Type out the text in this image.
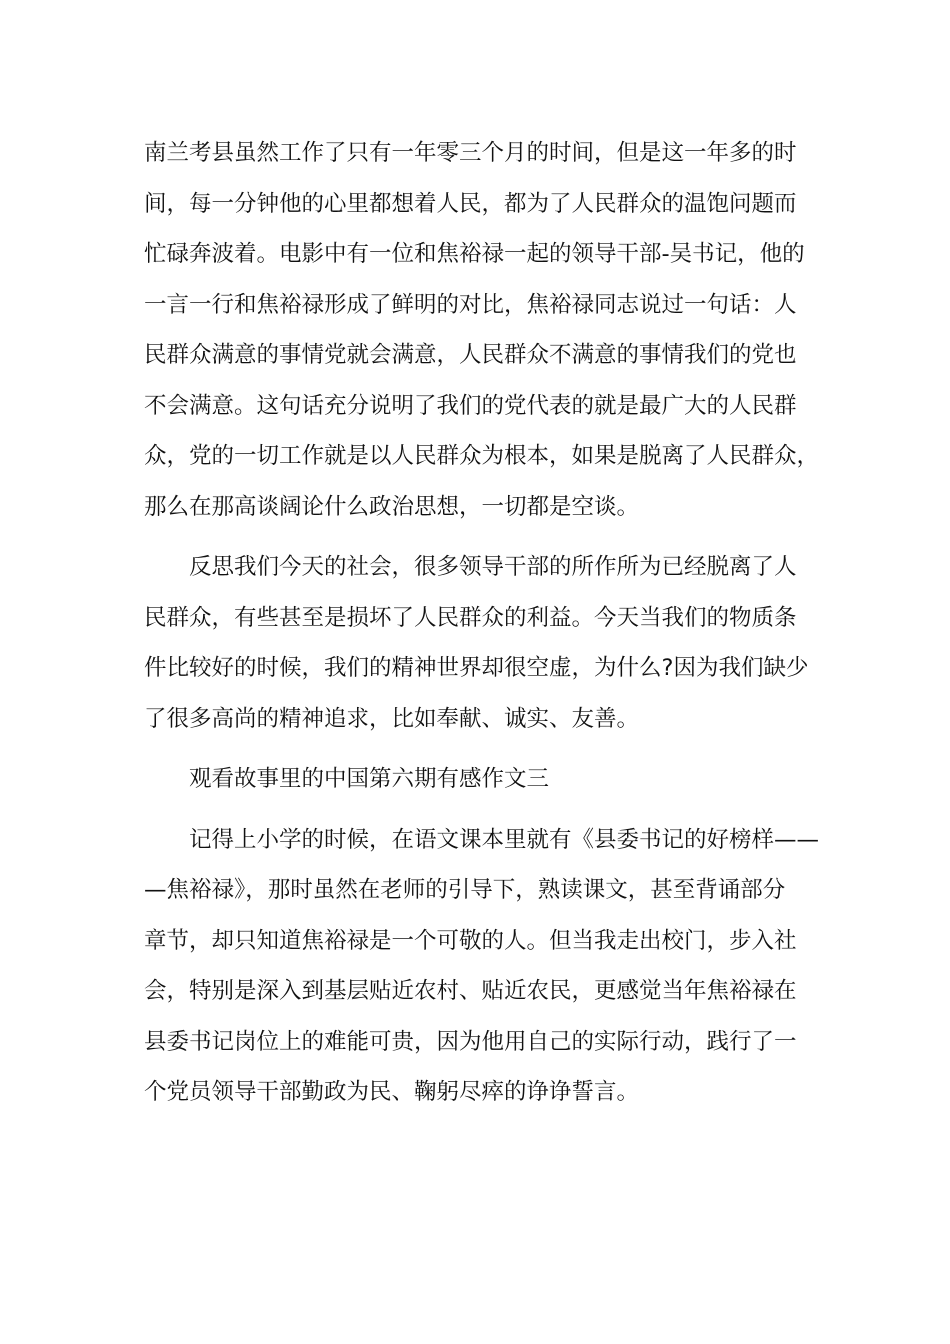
南兰考县虽然工作了只有一年零三个月的时间，但是这一年多的时
间，每一分钟他的心里都想着人民，都为了人民群众的温饱问题而
忙碌奔波着。电影中有一位和焦裕禄一起的领导干部-吴书记，他的
一言一行和焦裕禄形成了鲜明的对比，焦裕禄同志说过一句话：人
民群众满意的事情党就会满意，人民群众不满意的事情我们的党也
不会满意。这句话充分说明了我们的党代表的就是最广大的人民群
众，党的一切工作就是以人民群众为根本，如果是脱离了人民群众，
那么在那高谈阔论什么政治思想，一切都是空谈。

　　反思我们今天的社会，很多领导干部的所作所为已经脱离了人
民群众，有些甚至是损坏了人民群众的利益。今天当我们的物质条
件比较好的时候，我们的精神世界却很空虚，为什么?因为我们缺少
了很多高尚的精神追求，比如奉献、诚实、友善。

　　观看故事里的中国第六期有感作文三

　　记得上小学的时候，在语文课本里就有《县委书记的好榜样——
—焦裕禄》，那时虽然在老师的引导下，熟读课文，甚至背诵部分
章节，却只知道焦裕禄是一个可敬的人。但当我走出校门，步入社
会，特别是深入到基层贴近农村、贴近农民，更感觉当年焦裕禄在
县委书记岗位上的难能可贵，因为他用自己的实际行动，践行了一
个党员领导干部勤政为民、鞠躬尽瘁的诤诤誓言。
